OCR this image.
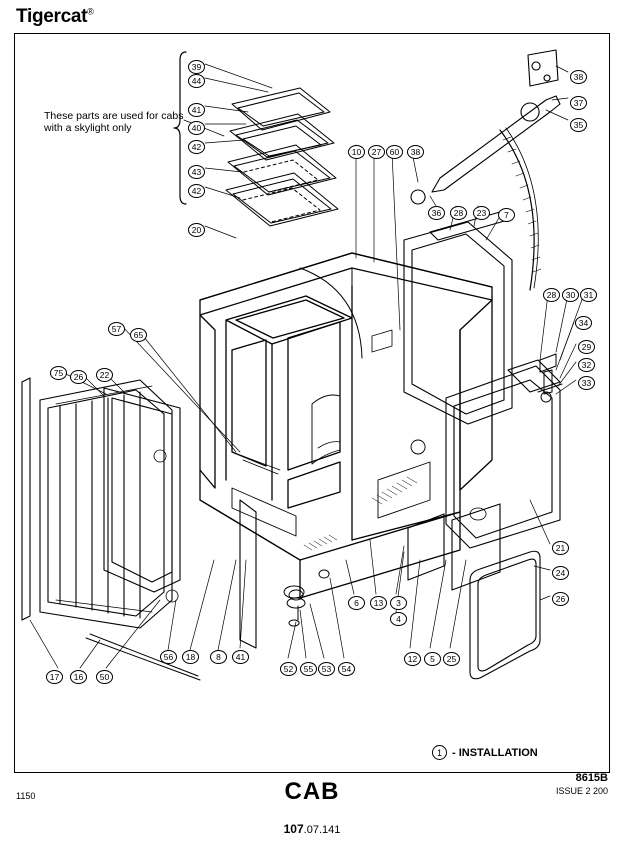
Tigercat®
These parts are used for cabs with a skylight only
39
44
41
40
42
43
42
20
10	27	60	38
36	28	23	7
38
37
35
28	30	31
34
29
32
33
21
24
26
57
65
75	26	22
17	16	50
56	18	8	41
52	55	53	54
6	13	3
4
12	5	25
1 - INSTALLATION
CAB
1150
8615B
ISSUE 2 200
107.07.141
